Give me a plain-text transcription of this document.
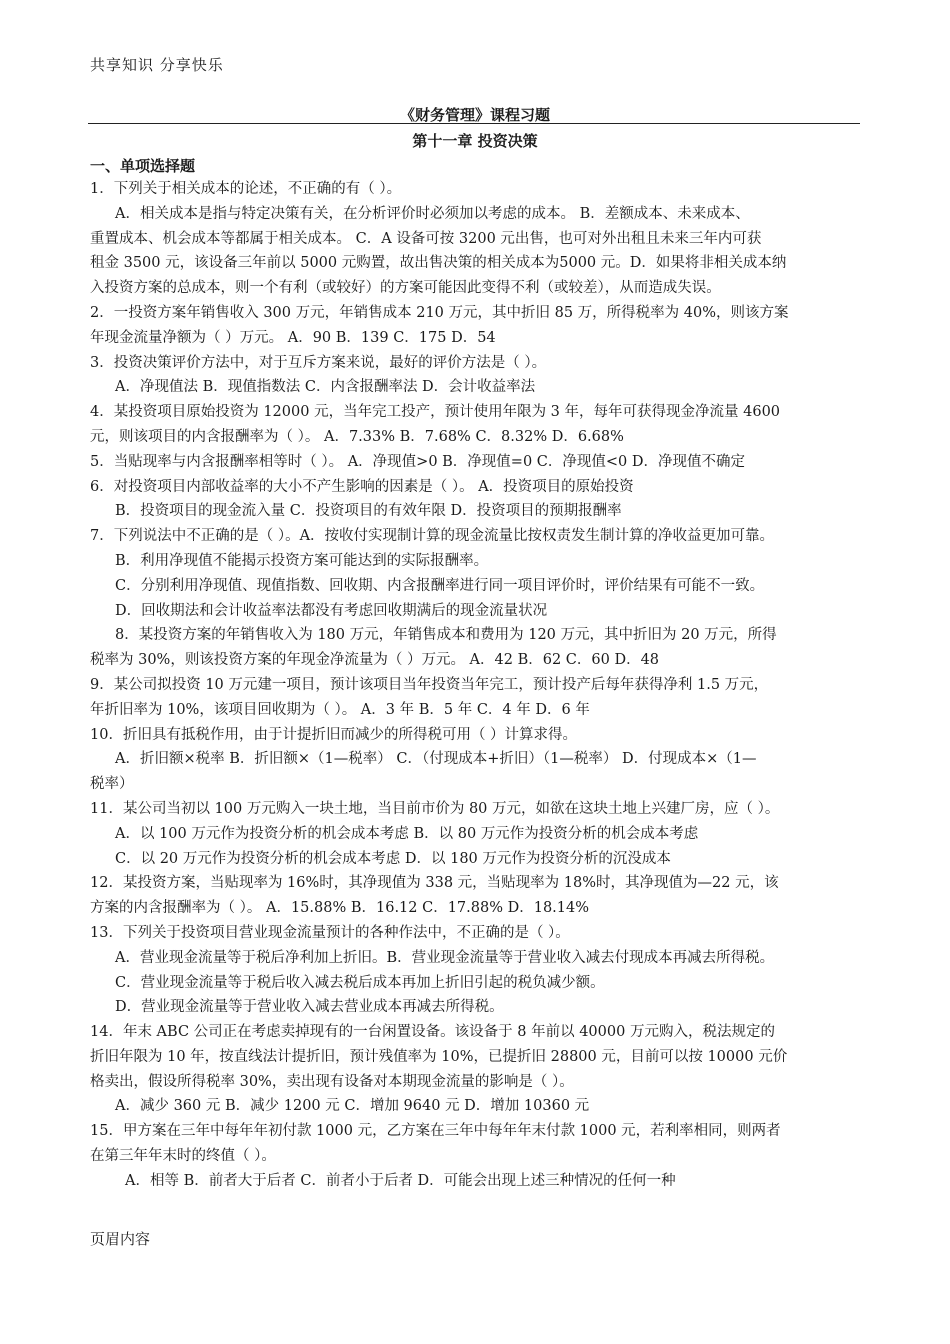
共享知识 分享快乐
《财务管理》课程习题
第十一章 投资决策
一、单项选择题
1．下列关于相关成本的论述，不正确的有（ ）。
A．相关成本是指与特定决策有关，在分析评价时必须加以考虑的成本。 B．差额成本、未来成本、
重置成本、机会成本等都属于相关成本。 C．A 设备可按 3200 元出售，也可对外出租且未来三年内可获
租金 3500 元，该设备三年前以 5000 元购置，故出售决策的相关成本为5000 元。D．如果将非相关成本纳
入投资方案的总成本，则一个有利（或较好）的方案可能因此变得不利（或较差），从而造成失误。
2．一投资方案年销售收入 300 万元，年销售成本 210 万元，其中折旧 85 万，所得税率为 40%，则该方案
年现金流量净额为（ ）万元。 A．90 B．139 C．175 D．54
3．投资决策评价方法中，对于互斥方案来说，最好的评价方法是（ ）。
A．净现值法 B．现值指数法 C．内含报酬率法 D．会计收益率法
4．某投资项目原始投资为 12000 元，当年完工投产，预计使用年限为 3 年，每年可获得现金净流量 4600
元，则该项目的内含报酬率为（ ）。 A．7.33% B．7.68% C．8.32% D．6.68%
5．当贴现率与内含报酬率相等时（ ）。 A．净现值>0 B．净现值=0 C．净现值<0 D．净现值不确定
6．对投资项目内部收益率的大小不产生影响的因素是（ ）。 A．投资项目的原始投资
B．投资项目的现金流入量 C．投资项目的有效年限 D．投资项目的预期报酬率
7．下列说法中不正确的是（ ）。A．按收付实现制计算的现金流量比按权责发生制计算的净收益更加可靠。
B．利用净现值不能揭示投资方案可能达到的实际报酬率。
C．分别利用净现值、现值指数、回收期、内含报酬率进行同一项目评价时，评价结果有可能不一致。
D．回收期法和会计收益率法都没有考虑回收期满后的现金流量状况
8．某投资方案的年销售收入为 180 万元，年销售成本和费用为 120 万元，其中折旧为 20 万元，所得
税率为 30%，则该投资方案的年现金净流量为（ ）万元。 A．42 B．62 C．60 D．48
9．某公司拟投资 10 万元建一项目，预计该项目当年投资当年完工，预计投产后每年获得净利 1.5 万元，
年折旧率为 10%，该项目回收期为（ ）。 A．3 年 B．5 年 C．4 年 D．6 年
10．折旧具有抵税作用，由于计提折旧而减少的所得税可用（ ）计算求得。
A．折旧额×税率 B．折旧额×（1—税率） C．（付现成本+折旧）（1—税率） D．付现成本×（1—
税率）
11．某公司当初以 100 万元购入一块土地，当目前市价为 80 万元，如欲在这块土地上兴建厂房，应（ ）。
A．以 100 万元作为投资分析的机会成本考虑 B．以 80 万元作为投资分析的机会成本考虑
C．以 20 万元作为投资分析的机会成本考虑 D．以 180 万元作为投资分析的沉没成本
12．某投资方案，当贴现率为 16%时，其净现值为 338 元，当贴现率为 18%时，其净现值为—22 元，该
方案的内含报酬率为（ ）。 A．15.88% B．16.12 C．17.88% D．18.14%
13．下列关于投资项目营业现金流量预计的各种作法中，不正确的是（ ）。
A．营业现金流量等于税后净利加上折旧。B．营业现金流量等于营业收入减去付现成本再减去所得税。
C．营业现金流量等于税后收入减去税后成本再加上折旧引起的税负减少额。
D．营业现金流量等于营业收入减去营业成本再减去所得税。
14．年末 ABC 公司正在考虑卖掉现有的一台闲置设备。该设备于 8 年前以 40000 万元购入，税法规定的
折旧年限为 10 年，按直线法计提折旧，预计残值率为 10%，已提折旧 28800 元，目前可以按 10000 元价
格卖出，假设所得税率 30%，卖出现有设备对本期现金流量的影响是（ ）。
A．减少 360 元 B．减少 1200 元 C．增加 9640 元 D．增加 10360 元
15．甲方案在三年中每年年初付款 1000 元，乙方案在三年中每年年末付款 1000 元，若利率相同，则两者
在第三年年末时的终值（ ）。
A．相等 B．前者大于后者 C．前者小于后者 D．可能会出现上述三种情况的任何一种
页眉内容
